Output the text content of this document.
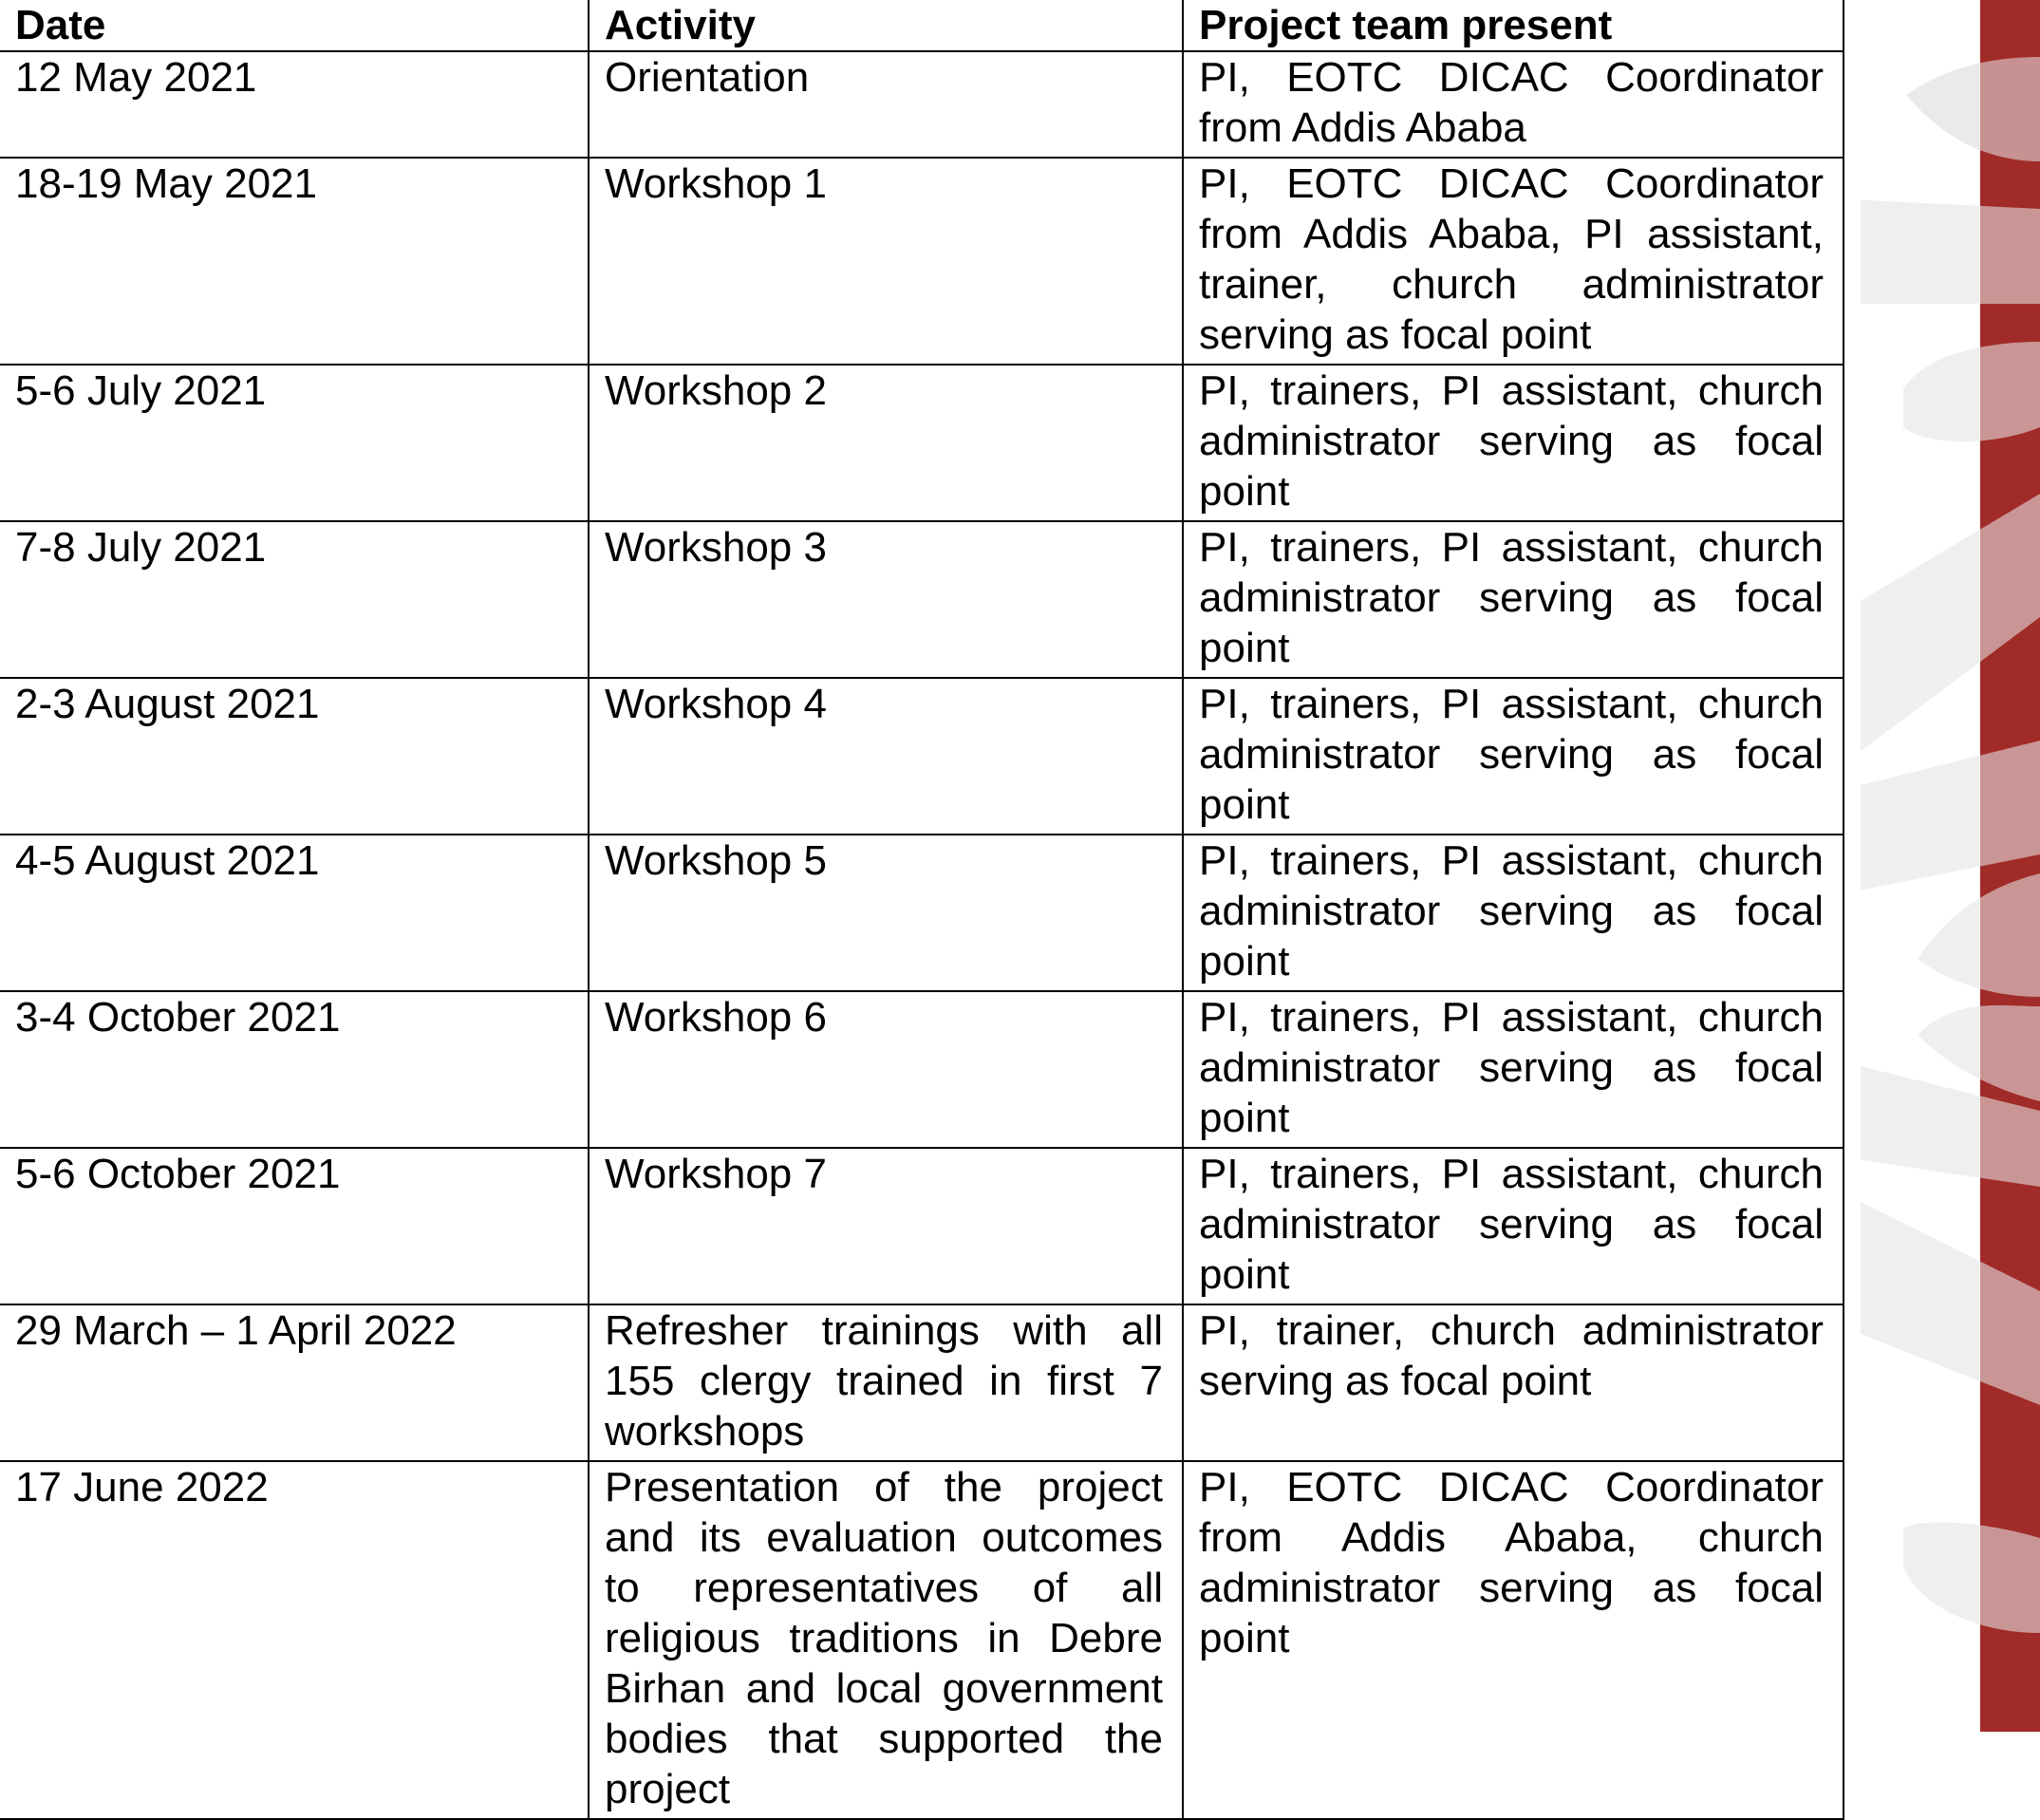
Date	Activity	Project team present
12 May 2021	Orientation	PI, EOTC DICAC Coordinator from Addis Ababa
18-19 May 2021	Workshop 1	PI, EOTC DICAC Coordinator from Addis Ababa, PI assistant, trainer, church administrator serving as focal point
5-6 July 2021	Workshop 2	PI, trainers, PI assistant, church administrator serving as focal point
7-8 July 2021	Workshop 3	PI, trainers, PI assistant, church administrator serving as focal point
2-3 August 2021	Workshop 4	PI, trainers, PI assistant, church administrator serving as focal point
4-5 August 2021	Workshop 5	PI, trainers, PI assistant, church administrator serving as focal point
3-4 October 2021	Workshop 6	PI, trainers, PI assistant, church administrator serving as focal point
5-6 October 2021	Workshop 7	PI, trainers, PI assistant, church administrator serving as focal point
29 March – 1 April 2022	Refresher trainings with all 155 clergy trained in first 7 workshops	PI, trainer, church administrator serving as focal point
17 June 2022	Presentation of the project and its evaluation outcomes to representatives of all religious traditions in Debre Birhan and local government bodies that supported the project	PI, EOTC DICAC Coordinator from Addis Ababa, church administrator serving as focal point
